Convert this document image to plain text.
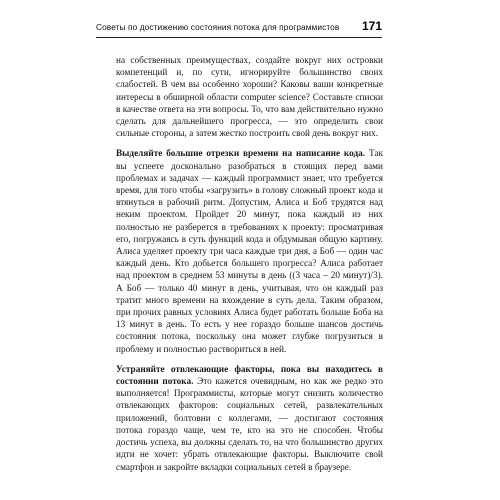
Советы по достижению состояния потока для программистов 171

на собственных преимуществах, создайте вокруг них островки компетенций и, по сути, игнорируйте большинство своих слабостей. В чем вы особенно хороши? Каковы ваши конкретные интересы в обширной области computer science? Составьте списки в качестве ответа на эти вопросы. То, что вам действительно нужно сделать для дальнейшего прогресса, — это определить свои сильные стороны, а затем жестко построить свой день вокруг них.

Выделяйте большие отрезки времени на написание кода. Так вы успеете досконально разобраться в стоящих перед вами проблемах и задачах — каждый программист знает, что требуется время, для того чтобы «загрузить» в голову сложный проект кода и втянуться в рабочий ритм. Допустим, Алиса и Боб трудятся над неким проектом. Пройдет 20 минут, пока каждый из них полностью не разберется в требованиях к проекту: просматривая его, погружаясь в суть функций кода и обдумывая общую картину. Алиса уделяет проекту три часа каждые три дня, а Боб — один час каждый день. Кто добьется большего прогресса? Алиса работает над проектом в среднем 53 минуты в день ((3 часа – 20 минут)/3). А Боб — только 40 минут в день, учитывая, что он каждый раз тратит много времени на вхождение в суть дела. Таким образом, при прочих равных условиях Алиса будет работать больше Боба на 13 минут в день. То есть у нее гораздо больше шансов достичь состояния потока, поскольку она может глубже погрузиться в проблему и полностью раствориться в ней.

Устраняйте отвлекающие факторы, пока вы находитесь в состоянии потока. Это кажется очевидным, но как же редко это выполняется! Программисты, которые могут снизить количество отвлекающих факторов: социальных сетей, развлекательных приложений, болтовни с коллегами, — достигают состояния потока гораздо чаще, чем те, кто на это не способен. Чтобы достичь успеха, вы должны сделать то, на что большинство других идти не хочет: убрать отвлекающие факторы. Выключите свой смартфон и закройте вкладки социальных сетей в браузере.
